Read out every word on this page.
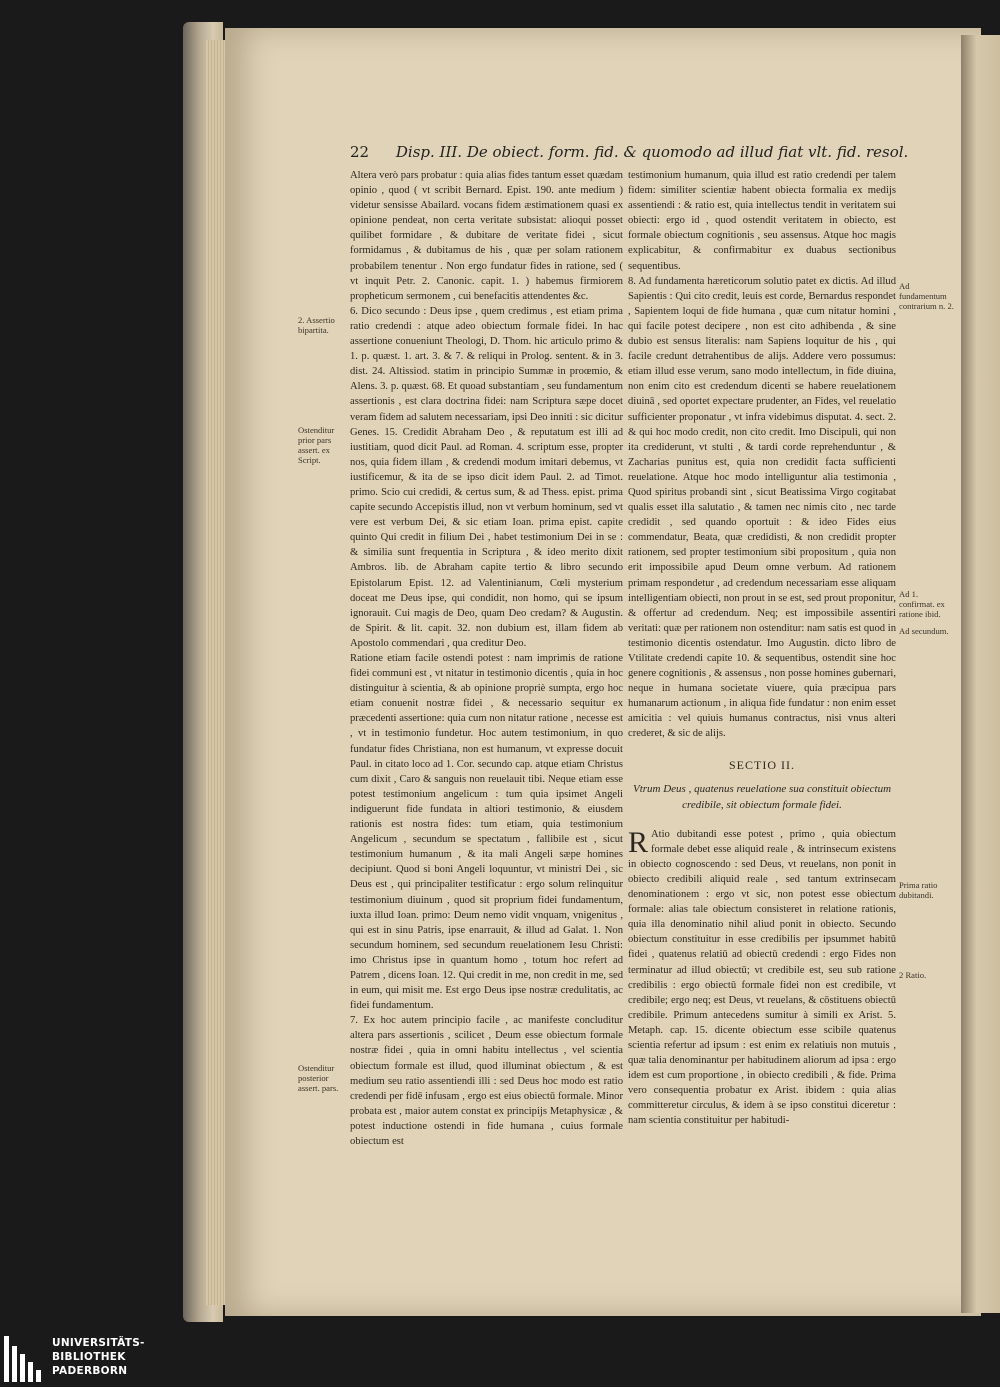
22 Disp. III. De obiect. form. fid. & quomodo ad illud fiat vlt. fid. resol.
2. Assertio bipartita.
Ostenditur prior pars assert. ex Script.
Ostenditur posterior assert. pars.
Ad fundamentum contrarium n. 2.
Ad 1. confirmat. ex ratione ibid.
Ad secundum.
Prima ratio dubitandi.
2 Ratio.

Altera verò pars probatur : quia alias fides tantum esset quædam opinio , quod ( vt scribit Bernard. Epist. 190. ante medium ) videtur sensisse Abailard. vocans fidem æstimationem quasi ex opinione pendeat, non certa veritate subsistat: alioqui posset quilibet formidare , & dubitare de veritate fidei , sicut formidamus , & dubitamus de his , quæ per solam rationem probabilem tenentur . Non ergo fundatur fides in ratione, sed ( vt inquit Petr. 2. Canonic. capit. 1. ) habemus firmiorem propheticum sermonem , cui benefacitis attendentes &c.

6. Dico secundo : Deus ipse , quem credimus , est etiam prima ratio credendi : atque adeo obiectum formale fidei. In hac assertione conueniunt Theologi, D. Thom. hic articulo primo & 1. p. quæst. 1. art. 3. & 7. & reliqui in Prolog. sentent. & in 3. dist. 24. Altissiod. statim in principio Summæ in proœmio, & Alens. 3. p. quæst. 68. Et quoad substantiam , seu fundamentum assertionis , est clara doctrina fidei: nam Scriptura sæpe docet veram fidem ad salutem necessariam, ipsi Deo inniti : sic dicitur Genes. 15. Credidit Abraham Deo , & reputatum est illi ad iustitiam, quod dicit Paul. ad Roman. 4. scriptum esse, propter nos, quia fidem illam , & credendi modum imitari debemus, vt iustificemur, & ita de se ipso dicit idem Paul. 2. ad Timot. primo. Scio cui credidi, & certus sum, & ad Thess. epist. prima capite secundo Accepistis illud, non vt verbum hominum, sed vt vere est verbum Dei, & sic etiam Ioan. prima epist. capite quinto Qui credit in filium Dei , habet testimonium Dei in se : & similia sunt frequentia in Scriptura , & ideo merito dixit Ambros. lib. de Abraham capite tertio & libro secundo Epistolarum Epist. 12. ad Valentinianum, Cœli mysterium doceat me Deus ipse, qui condidit, non homo, qui se ipsum ignorauit. Cui magis de Deo, quam Deo credam? & Augustin. de Spirit. & lit. capit. 32. non dubium est, illam fidem ab Apostolo commendari , qua creditur Deo.

Ratione etiam facile ostendi potest : nam imprimis de ratione fidei communi est , vt nitatur in testimonio dicentis , quia in hoc distinguitur à scientia, & ab opinione propriè sumpta, ergo hoc etiam conuenit nostræ fidei , & necessario sequitur ex præcedenti assertione: quia cum non nitatur ratione , necesse est , vt in testimonio fundetur. Hoc autem testimonium, in quo fundatur fides Christiana, non est humanum, vt expresse docuit Paul. in citato loco ad 1. Cor. secundo cap. atque etiam Christus cum dixit , Caro & sanguis non reuelauit tibi. Neque etiam esse potest testimonium angelicum : tum quia ipsimet Angeli indiguerunt fide fundata in altiori testimonio, & eiusdem rationis est nostra fides: tum etiam, quia testimonium Angelicum , secundum se spectatum , fallibile est , sicut testimonium humanum , & ita mali Angeli sæpe homines decipiunt. Quod si boni Angeli loquuntur, vt ministri Dei , sic Deus est , qui principaliter testificatur : ergo solum relinquitur testimonium diuinum , quod sit proprium fidei fundamentum, iuxta illud Ioan. primo: Deum nemo vidit vnquam, vnigenitus , qui est in sinu Patris, ipse enarrauit, & illud ad Galat. 1. Non secundum hominem, sed secundum reuelationem Iesu Christi: imo Christus ipse in quantum homo , totum hoc refert ad Patrem , dicens Ioan. 12. Qui credit in me, non credit in me, sed in eum, qui misit me. Est ergo Deus ipse nostræ credulitatis, ac fidei fundamentum.

7. Ex hoc autem principio facile , ac manifeste concluditur altera pars assertionis , scilicet , Deum esse obiectum formale nostræ fidei , quia in omni habitu intellectus , vel scientia obiectum formale est illud, quod illuminat obiectum , & est medium seu ratio assentiendi illi : sed Deus hoc modo est ratio credendi per fidē infusam , ergo est eius obiectū formale. Minor probata est , maior autem constat ex principijs Metaphysicæ , & potest inductione ostendi in fide humana , cuius formale obiectum est

testimonium humanum, quia illud est ratio credendi per talem fidem: similiter scientiæ habent obiecta formalia ex medijs assentiendi : & ratio est, quia intellectus tendit in veritatem sui obiecti: ergo id , quod ostendit veritatem in obiecto, est formale obiectum cognitionis , seu assensus. Atque hoc magis explicabitur, & confirmabitur ex duabus sectionibus sequentibus.

8. Ad fundamenta hæreticorum solutio patet ex dictis. Ad illud Sapientis : Qui cito credit, leuis est corde, Bernardus respondet , Sapientem loqui de fide humana , quæ cum nitatur homini , qui facile potest decipere , non est cito adhibenda , & sine dubio est sensus literalis: nam Sapiens loquitur de his , qui facile credunt detrahentibus de alijs. Addere vero possumus: etiam illud esse verum, sano modo intellectum, in fide diuina, non enim cito est credendum dicenti se habere reuelationem diuinā , sed oportet expectare prudenter, an Fides, vel reuelatio sufficienter proponatur , vt infra videbimus disputat. 4. sect. 2. & qui hoc modo credit, non cito credit. Imo Discipuli, qui non ita crediderunt, vt stulti , & tardi corde reprehenduntur , & Zacharias punitus est, quia non credidit facta sufficienti reuelatione. Atque hoc modo intelliguntur alia testimonia , Quod spiritus probandi sint , sicut Beatissima Virgo cogitabat qualis esset illa salutatio , & tamen nec nimis cito , nec tarde credidit , sed quando oportuit : & ideo Fides eius commendatur, Beata, quæ credidisti, & non credidit propter rationem, sed propter testimonium sibi propositum , quia non erit impossibile apud Deum omne verbum. Ad rationem primam respondetur , ad credendum necessariam esse aliquam intelligentiam obiecti, non prout in se est, sed prout proponitur, & offertur ad credendum. Neq; est impossibile assentiri veritati: quæ per rationem non ostenditur: nam satis est quod in testimonio dicentis ostendatur. Imo Augustin. dicto libro de Vtilitate credendi capite 10. & sequentibus, ostendit sine hoc genere cognitionis , & assensus , non posse homines gubernari, neque in humana societate viuere, quia præcipua pars humanarum actionum , in aliqua fide fundatur : non enim esset amicitia : vel quiuis humanus contractus, nisi vnus alteri crederet, & sic de alijs.

SECTIO II.
Vtrum Deus , quatenus reuelatione sua constituit obiectum credibile, sit obiectum formale fidei.

R Atio dubitandi esse potest , primo , quia obiectum formale debet esse aliquid reale , & intrinsecum existens in obiecto cognoscendo : sed Deus, vt reuelans, non ponit in obiecto credibili aliquid reale , sed tantum extrinsecam denominationem : ergo vt sic, non potest esse obiectum formale: alias tale obiectum consisteret in relatione rationis, quia illa denominatio nihil aliud ponit in obiecto. Secundo obiectum constituitur in esse credibilis per ipsummet habitū fidei , quatenus relatiū ad obiectū credendi : ergo Fides non terminatur ad illud obiectū; vt credibile est, seu sub ratione credibilis : ergo obiectū formale fidei non est credibile, vt credibile; ergo neq; est Deus, vt reuelans, & cōstituens obiectū credibile. Primum antecedens sumitur à simili ex Arist. 5. Metaph. cap. 15. dicente obiectum esse scibile quatenus scientia refertur ad ipsum : est enim ex relatiuis non mutuis , quæ talia denominantur per habitudinem aliorum ad ipsa : ergo idem est cum proportione , in obiecto credibili , & fide. Prima vero consequentia probatur ex Arist. ibidem : quia alias committeretur circulus, & idem à se ipso constitui diceretur : nam scientia constituitur per habitudi-

UNIVERSITÄTS-
BIBLIOTHEK
PADERBORN
